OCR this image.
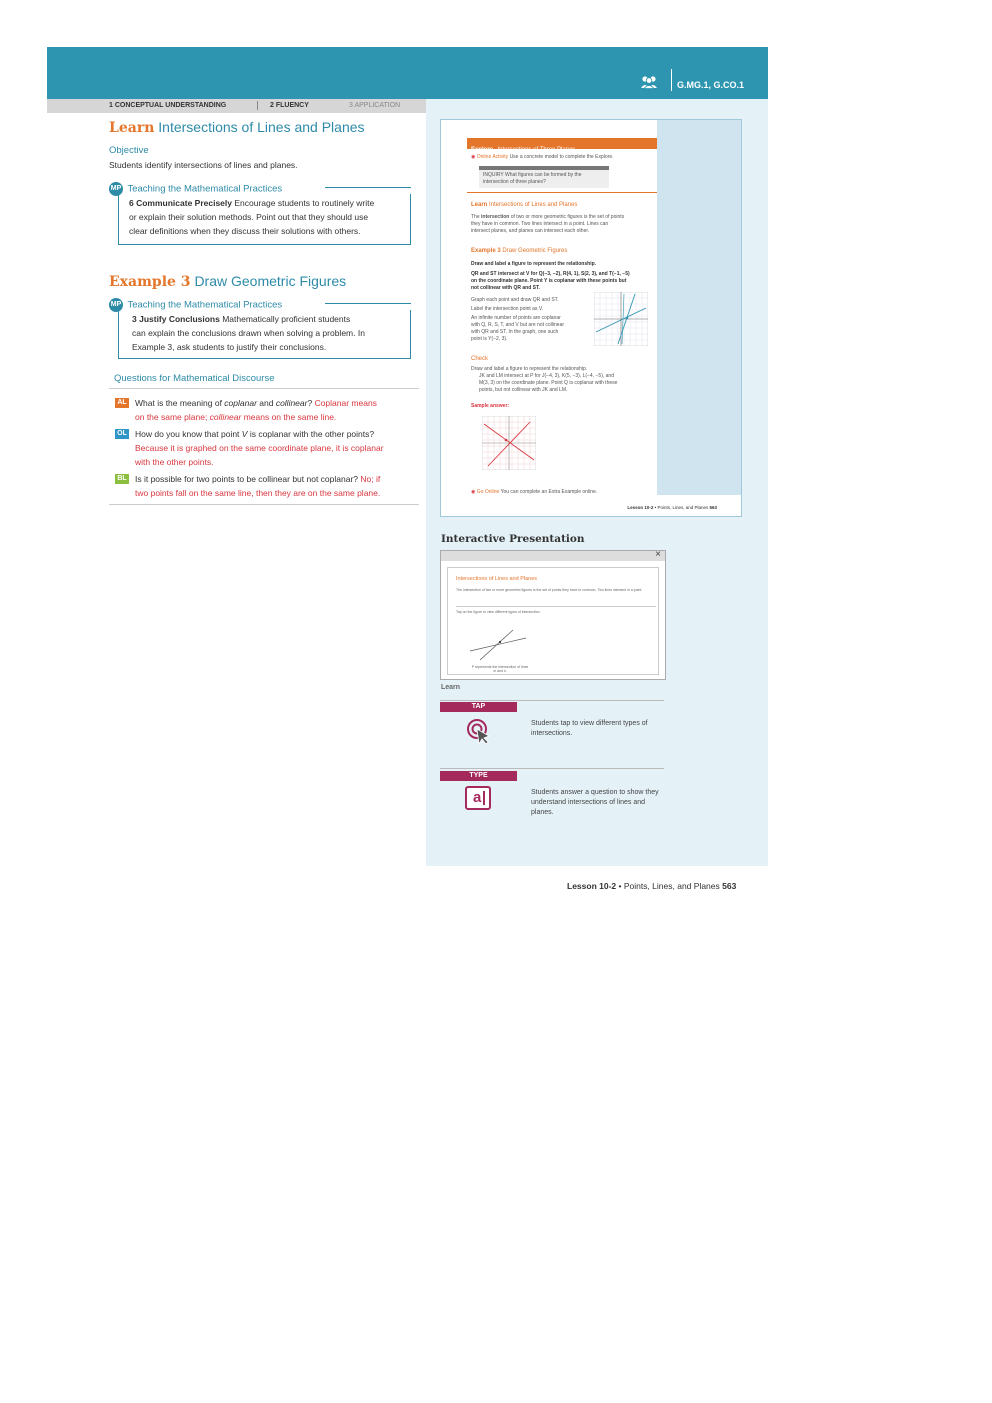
G.MG.1, G.CO.1
1 CONCEPTUAL UNDERSTANDING	2 FLUENCY	3 APPLICATION
Learn Intersections of Lines and Planes
Objective
Students identify intersections of lines and planes.
MP Teaching the Mathematical Practices
6 Communicate Precisely Encourage students to routinely write
or explain their solution methods. Point out that they should use
clear definitions when they discuss their solutions with others.
Example 3 Draw Geometric Figures
MP Teaching the Mathematical Practices
3 Justify Conclusions Mathematically proficient students
can explain the conclusions drawn when solving a problem. In
Example 3, ask students to justify their conclusions.
Questions for Mathematical Discourse
AL What is the meaning of coplanar and collinear? Coplanar means
on the same plane; collinear means on the same line.
OL How do you know that point V is coplanar with the other points?
Because it is graphed on the same coordinate plane, it is coplanar
with the other points.
BL Is it possible for two points to be collinear but not coplanar? No; if
two points fall on the same line, then they are on the same plane.
Explore Intersections of Three Planes
◉ Online Activity Use a concrete model to complete the Explore.
INQUIRY What figures can be formed by the
intersection of three planes?
Learn Intersections of Lines and Planes
The intersection of two or more geometric figures is the set of points
they have in common. Two lines intersect in a point. Lines can
intersect planes, and planes can intersect each other.
Example 3 Draw Geometric Figures
Draw and label a figure to represent the relationship.
QR and ST intersect at V for Q(−3, −2), R(4, 1), S(2, 3), and T(−1, −5)
on the coordinate plane. Point Y is coplanar with these points but
not collinear with QR and ST.
Graph each point and draw QR and ST.
Label the intersection point as V.
An infinite number of points are coplanar
with Q, R, S, T, and V but are not collinear
with QR and ST. In the graph, one such
point is Y(−2, 3).
Check
Draw and label a figure to represent the relationship.
JK and LM intersect at P for J(−4, 3), K(5, −3), L(−4, −5), and
M(3, 3) on the coordinate plane. Point Q is coplanar with these
points, but not collinear with JK and LM.
Sample answer:
◉ Go Online You can complete an Extra Example online.
Lesson 10-2 • Points, Lines, and Planes 563
Interactive Presentation
×
Intersections of Lines and Planes
The intersection of two or more geometric figures is the set of points they have in common. Two lines intersect in a point.
Tap on the figure to view different types of intersection.
P represents the intersection of lines
m and n.
Learn
TAP
Students tap to view different types of intersections.
TYPE
a	Students answer a question to show they understand intersections of lines and planes.
Lesson 10-2 • Points, Lines, and Planes 563
